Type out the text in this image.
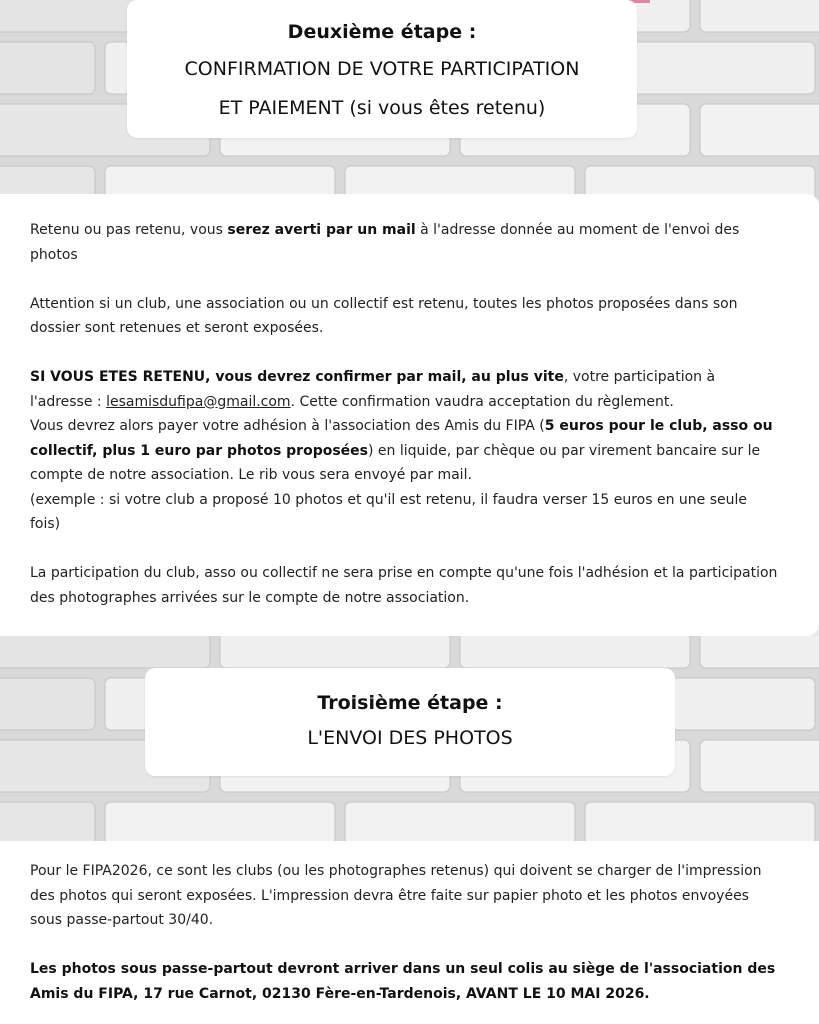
Deuxième étape :
CONFIRMATION DE VOTRE PARTICIPATION
ET PAIEMENT (si vous êtes retenu)

Retenu ou pas retenu, vous serez averti par un mail à l'adresse donnée au moment de l'envoi des photos

Attention si un club, une association ou un collectif est retenu, toutes les photos proposées dans son dossier sont retenues et seront exposées.

SI VOUS ETES RETENU, vous devrez confirmer par mail, au plus vite, votre participation à l'adresse : lesamisdufipa@gmail.com. Cette confirmation vaudra acceptation du règlement.

Vous devrez alors payer votre adhésion à l'association des Amis du FIPA (5 euros pour le club, asso ou collectif, plus 1 euro par photos proposées) en liquide, par chèque ou par virement bancaire sur le compte de notre association. Le rib vous sera envoyé par mail.

(exemple : si votre club a proposé 10 photos et qu'il est retenu, il faudra verser 15 euros en une seule fois)

La participation du club, asso ou collectif ne sera prise en compte qu'une fois l'adhésion et la participation des photographes arrivées sur le compte de notre association.

Troisième étape :
L'ENVOI DES PHOTOS

Pour le FIPA2026, ce sont les clubs (ou les photographes retenus) qui doivent se charger de l'impression des photos qui seront exposées. L'impression devra être faite sur papier photo et les photos envoyées sous passe-partout 30/40.

Les photos sous passe-partout devront arriver dans un seul colis au siège de l'association des Amis du FIPA, 17 rue Carnot, 02130 Fère-en-Tardenois, AVANT LE 10 MAI 2026.
